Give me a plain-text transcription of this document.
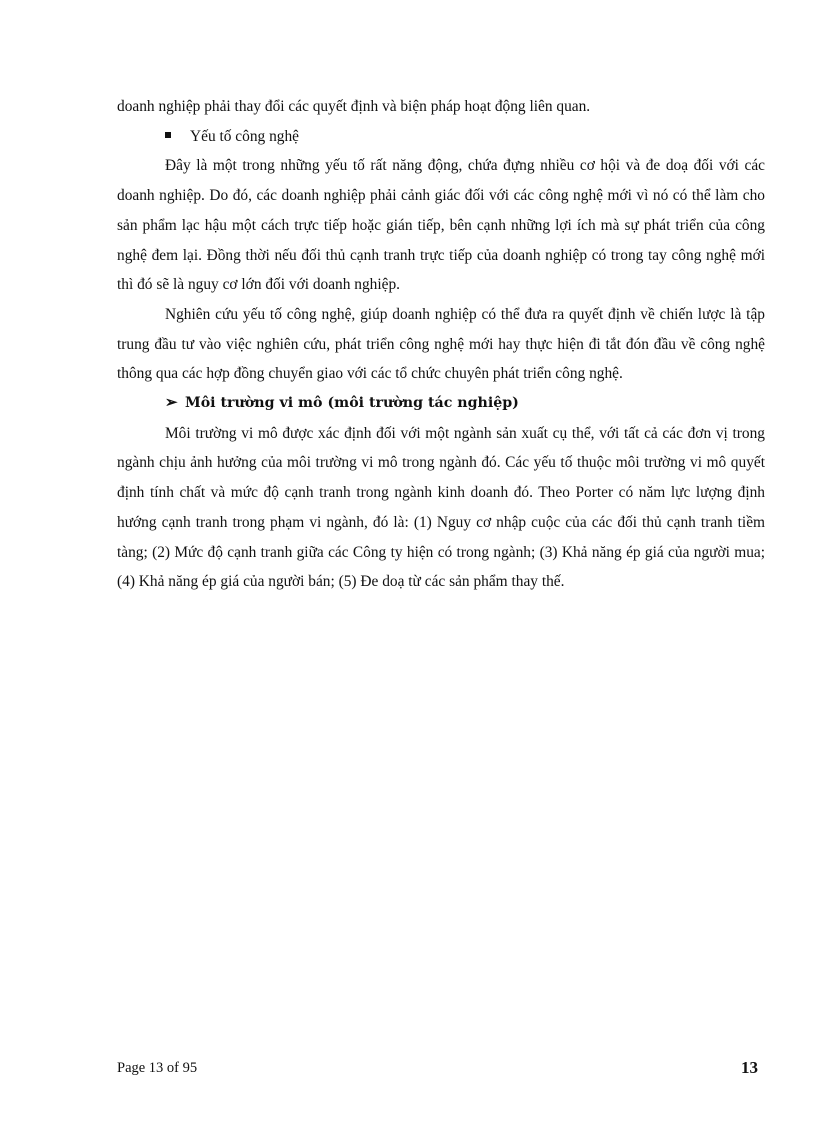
doanh nghiệp phải thay đổi các quyết định và biện pháp hoạt động liên quan.

Yếu tố công nghệ

Đây là một trong những yếu tố rất năng động, chứa đựng nhiều cơ hội và đe doạ đối với các doanh nghiệp. Do đó, các doanh nghiệp phải cảnh giác đối với các công nghệ mới vì nó có thể làm cho sản phẩm lạc hậu một cách trực tiếp hoặc gián tiếp, bên cạnh những lợi ích mà sự phát triển của công nghệ đem lại. Đồng thời nếu đối thủ cạnh tranh trực tiếp của doanh nghiệp có trong tay công nghệ mới thì đó sẽ là nguy cơ lớn đối với doanh nghiệp.

Nghiên cứu yếu tố công nghệ, giúp doanh nghiệp có thể đưa ra quyết định về chiến lược là tập trung đầu tư vào việc nghiên cứu, phát triển công nghệ mới hay thực hiện đi tắt đón đầu về công nghệ thông qua các hợp đồng chuyển giao với các tổ chức chuyên phát triển công nghệ.

➢ Môi trường vi mô (môi trường tác nghiệp)

Môi trường vi mô được xác định đối với một ngành sản xuất cụ thể, với tất cả các đơn vị trong ngành chịu ảnh hưởng của môi trường vi mô trong ngành đó. Các yếu tố thuộc môi trường vi mô quyết định tính chất và mức độ cạnh tranh trong ngành kinh doanh đó. Theo Porter có năm lực lượng định hướng cạnh tranh trong phạm vi ngành, đó là: (1) Nguy cơ nhập cuộc của các đối thủ cạnh tranh tiềm tàng; (2) Mức độ cạnh tranh giữa các Công ty hiện có trong ngành; (3) Khả năng ép giá của người mua;(4) Khả năng ép giá của người bán; (5) Đe doạ từ các sản phẩm thay thế.

Page 13 of 95	13
